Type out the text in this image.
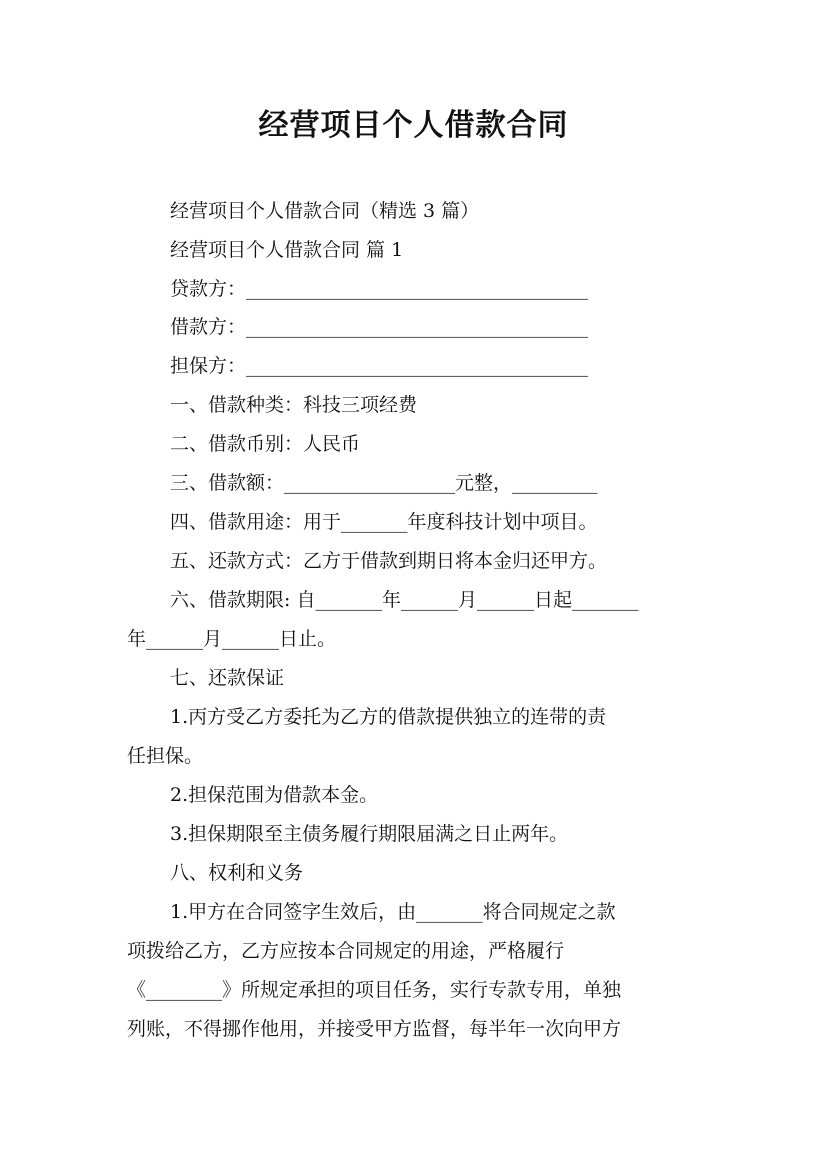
经营项目个人借款合同
经营项目个人借款合同（精选 3 篇）
经营项目个人借款合同 篇 1
贷款方：____________________________________
借款方：____________________________________
担保方：____________________________________
一、借款种类：科技三项经费
二、借款币别：人民币
三、借款额：__________________元整，_________
四、借款用途：用于_______年度科技计划中项目。
五、还款方式：乙方于借款到期日将本金归还甲方。
六、借款期限: 自_______年______月______日起_______
年______月______日止。
七、还款保证
1.丙方受乙方委托为乙方的借款提供独立的连带的责
任担保。
2.担保范围为借款本金。
3.担保期限至主债务履行期限届满之日止两年。
八、权利和义务
1.甲方在合同签字生效后，由_______将合同规定之款
项拨给乙方，乙方应按本合同规定的用途，严格履行
《________》所规定承担的项目任务，实行专款专用，单独
列账，不得挪作他用，并接受甲方监督，每半年一次向甲方
